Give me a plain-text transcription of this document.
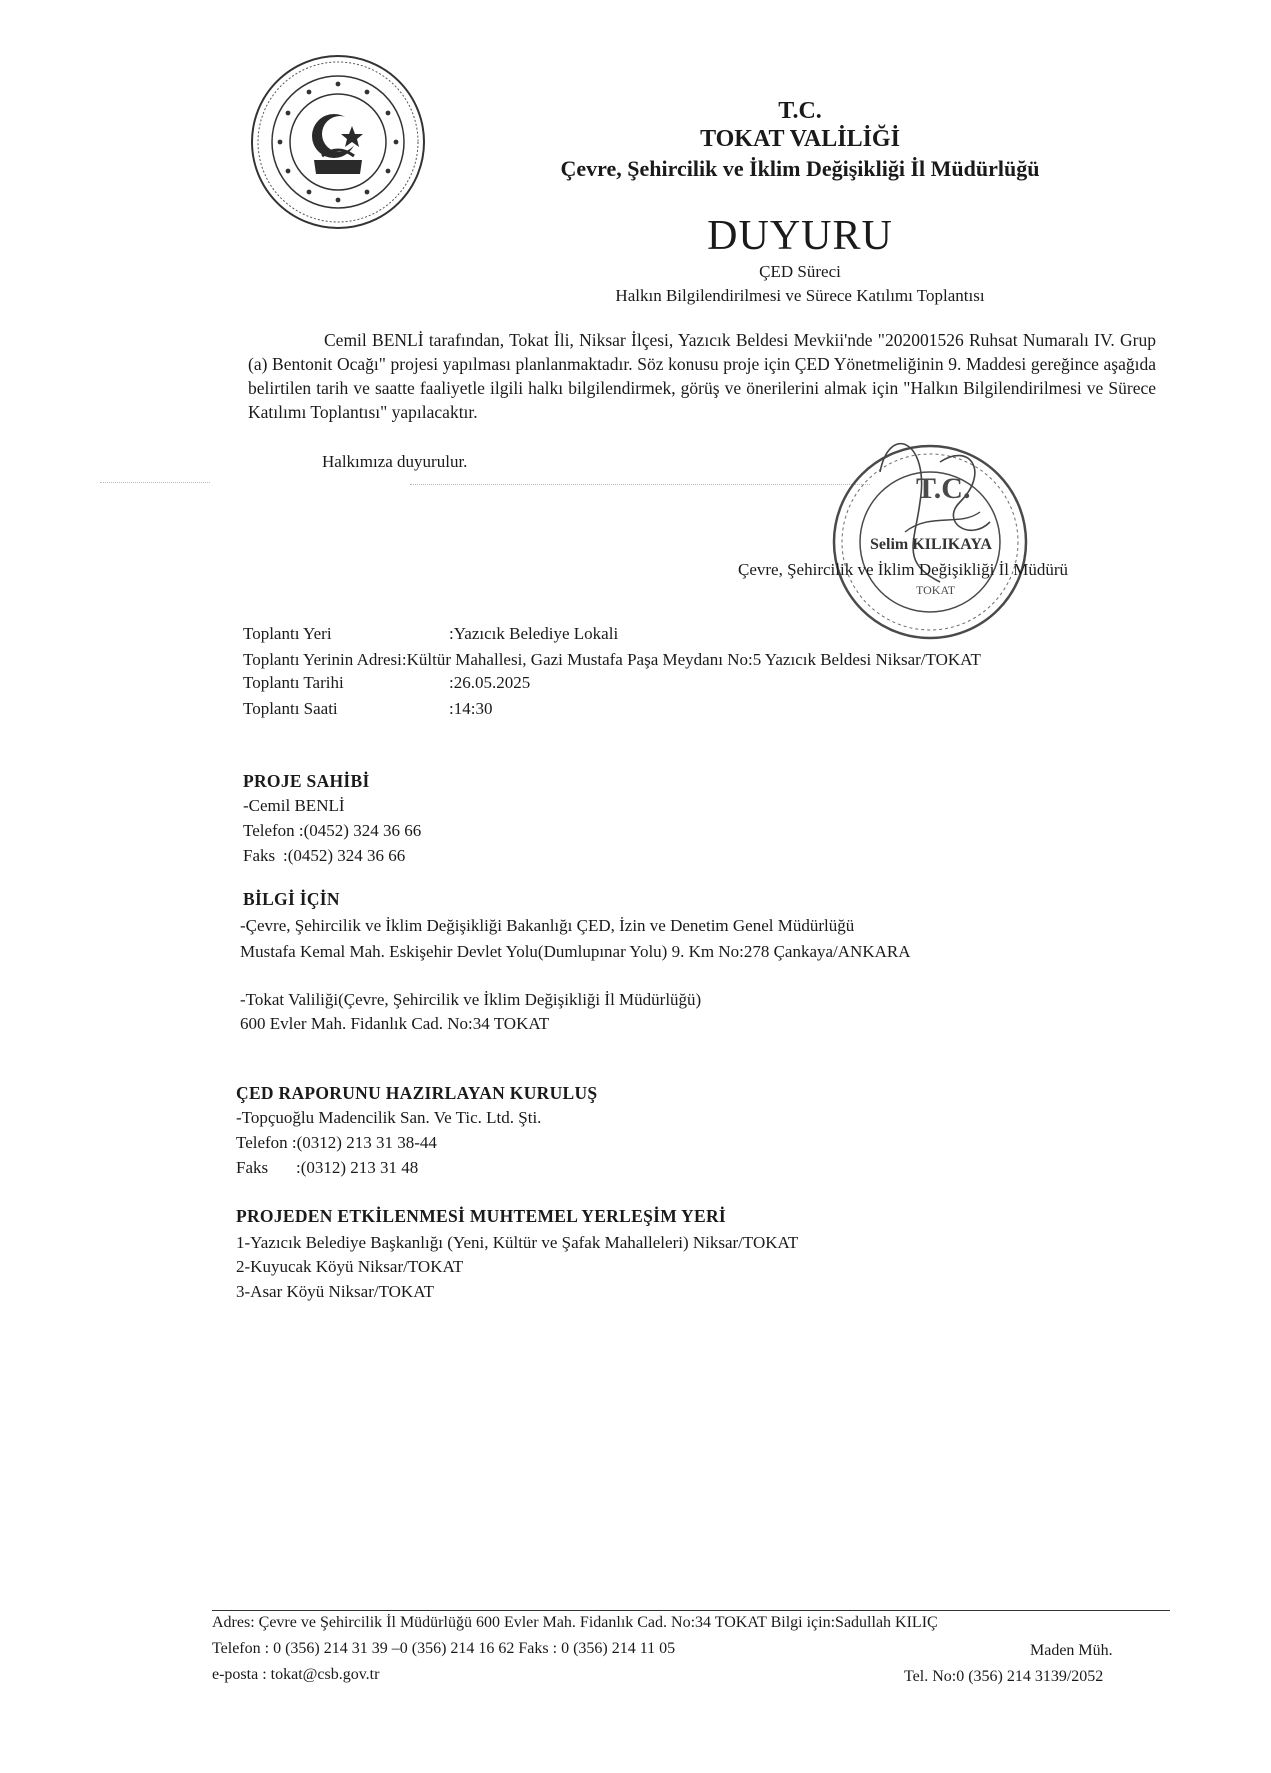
T.C.
TOKAT VALİLİĞİ
Çevre, Şehircilik ve İklim Değişikliği İl Müdürlüğü
DUYURU
ÇED Süreci
Halkın Bilgilendirilmesi ve Sürece Katılımı Toplantısı

Cemil BENLİ tarafından, Tokat İli, Niksar İlçesi, Yazıcık Beldesi Mevkii'nde "202001526 Ruhsat Numaralı IV. Grup (a) Bentonit Ocağı" projesi yapılması planlanmaktadır. Söz konusu proje için ÇED Yönetmeliğinin 9. Maddesi gereğince aşağıda belirtilen tarih ve saatte faaliyetle ilgili halkı bilgilendirmek, görüş ve önerilerini almak için "Halkın Bilgilendirilmesi ve Sürece Katılımı Toplantısı" yapılacaktır.

Halkımıza duyurulur.
T.C.
TOKAT
Selim KILIKAYA
Çevre, Şehircilik ve İklim Değişikliği İl Müdürü
Toplantı Yeri	:Yazıcık Belediye Lokali
Toplantı Yerinin Adresi:Kültür Mahallesi, Gazi Mustafa Paşa Meydanı No:5 Yazıcık Beldesi Niksar/TOKAT
Toplantı Tarihi	:26.05.2025
Toplantı Saati	:14:30
PROJE SAHİBİ
-Cemil BENLİ
Telefon :(0452) 324 36 66
Faks :(0452) 324 36 66
BİLGİ İÇİN
-Çevre, Şehircilik ve İklim Değişikliği Bakanlığı ÇED, İzin ve Denetim Genel Müdürlüğü
Mustafa Kemal Mah. Eskişehir Devlet Yolu(Dumlupınar Yolu) 9. Km No:278 Çankaya/ANKARA
-Tokat Valiliği(Çevre, Şehircilik ve İklim Değişikliği İl Müdürlüğü)
600 Evler Mah. Fidanlık Cad. No:34 TOKAT
ÇED RAPORUNU HAZIRLAYAN KURULUŞ
-Topçuoğlu Madencilik San. Ve Tic. Ltd. Şti.
Telefon :(0312) 213 31 38-44
Faks :(0312) 213 31 48
PROJEDEN ETKİLENMESİ MUHTEMEL YERLEŞİM YERİ
1-Yazıcık Belediye Başkanlığı (Yeni, Kültür ve Şafak Mahalleleri) Niksar/TOKAT
2-Kuyucak Köyü Niksar/TOKAT
3-Asar Köyü Niksar/TOKAT
Adres: Çevre ve Şehircilik İl Müdürlüğü 600 Evler Mah. Fidanlık Cad. No:34 TOKAT Bilgi için:Sadullah KILIÇ
Telefon : 0 (356) 214 31 39 –0 (356) 214 16 62 Faks : 0 (356) 214 11 05	Maden Müh.
e-posta : tokat@csb.gov.tr	Tel. No:0 (356) 214 3139/2052
